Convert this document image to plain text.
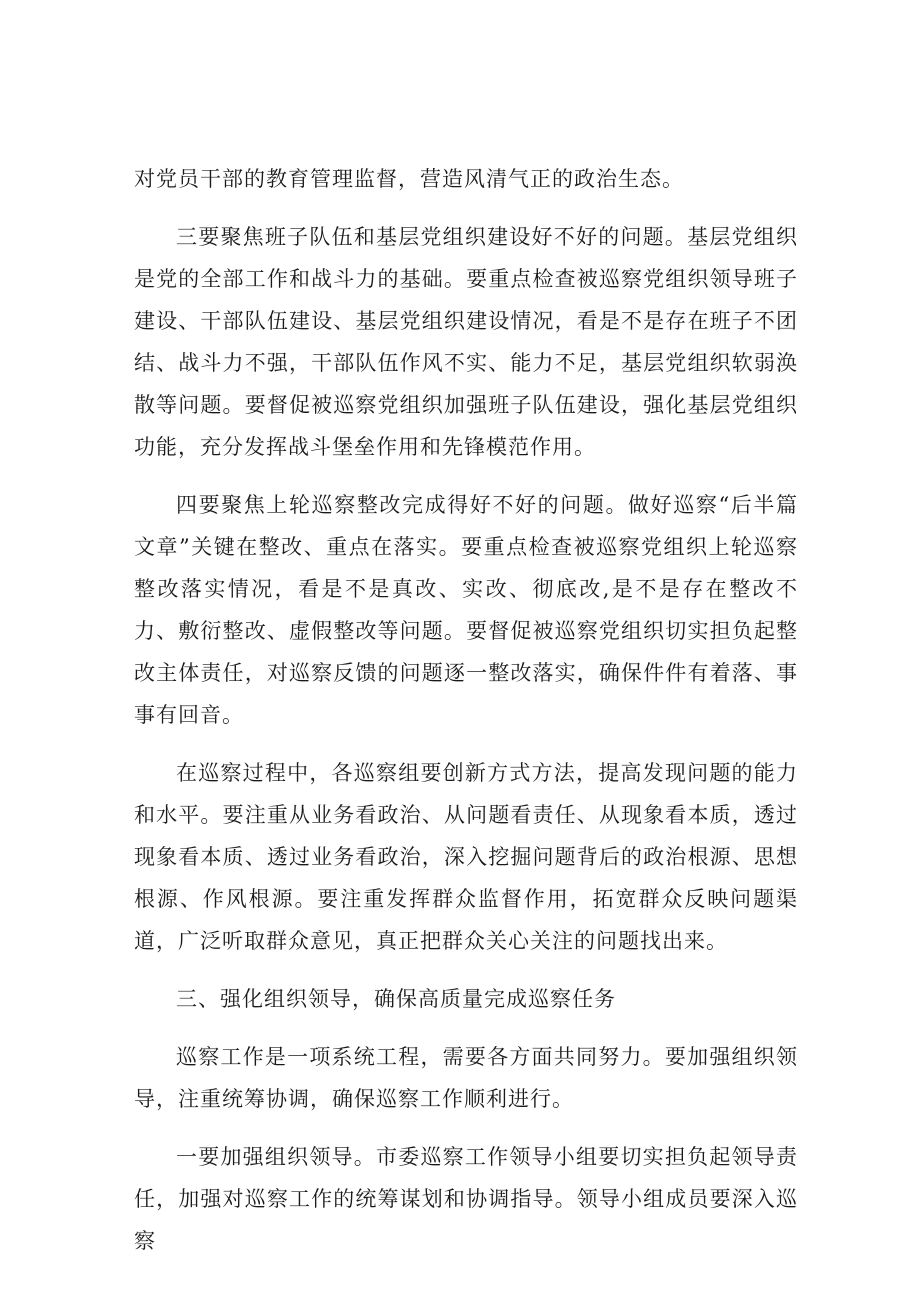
对党员干部的教育管理监督，营造风清气正的政治生态。

三要聚焦班子队伍和基层党组织建设好不好的问题。基层党组织是党的全部工作和战斗力的基础。要重点检查被巡察党组织领导班子建设、干部队伍建设、基层党组织建设情况，看是不是存在班子不团结、战斗力不强，干部队伍作风不实、能力不足，基层党组织软弱涣散等问题。要督促被巡察党组织加强班子队伍建设，强化基层党组织功能，充分发挥战斗堡垒作用和先锋模范作用。

四要聚焦上轮巡察整改完成得好不好的问题。做好巡察“后半篇文章”关键在整改、重点在落实。要重点检查被巡察党组织上轮巡察整改落实情况，看是不是真改、实改、彻底改,是不是存在整改不力、敷衍整改、虚假整改等问题。要督促被巡察党组织切实担负起整改主体责任，对巡察反馈的问题逐一整改落实，确保件件有着落、事事有回音。

在巡察过程中，各巡察组要创新方式方法，提高发现问题的能力和水平。要注重从业务看政治、从问题看责任、从现象看本质，透过现象看本质、透过业务看政治，深入挖掘问题背后的政治根源、思想根源、作风根源。要注重发挥群众监督作用，拓宽群众反映问题渠道，广泛听取群众意见，真正把群众关心关注的问题找出来。

三、强化组织领导，确保高质量完成巡察任务

巡察工作是一项系统工程，需要各方面共同努力。要加强组织领导，注重统筹协调，确保巡察工作顺利进行。

一要加强组织领导。市委巡察工作领导小组要切实担负起领导责任，加强对巡察工作的统筹谋划和协调指导。领导小组成员要深入巡察
